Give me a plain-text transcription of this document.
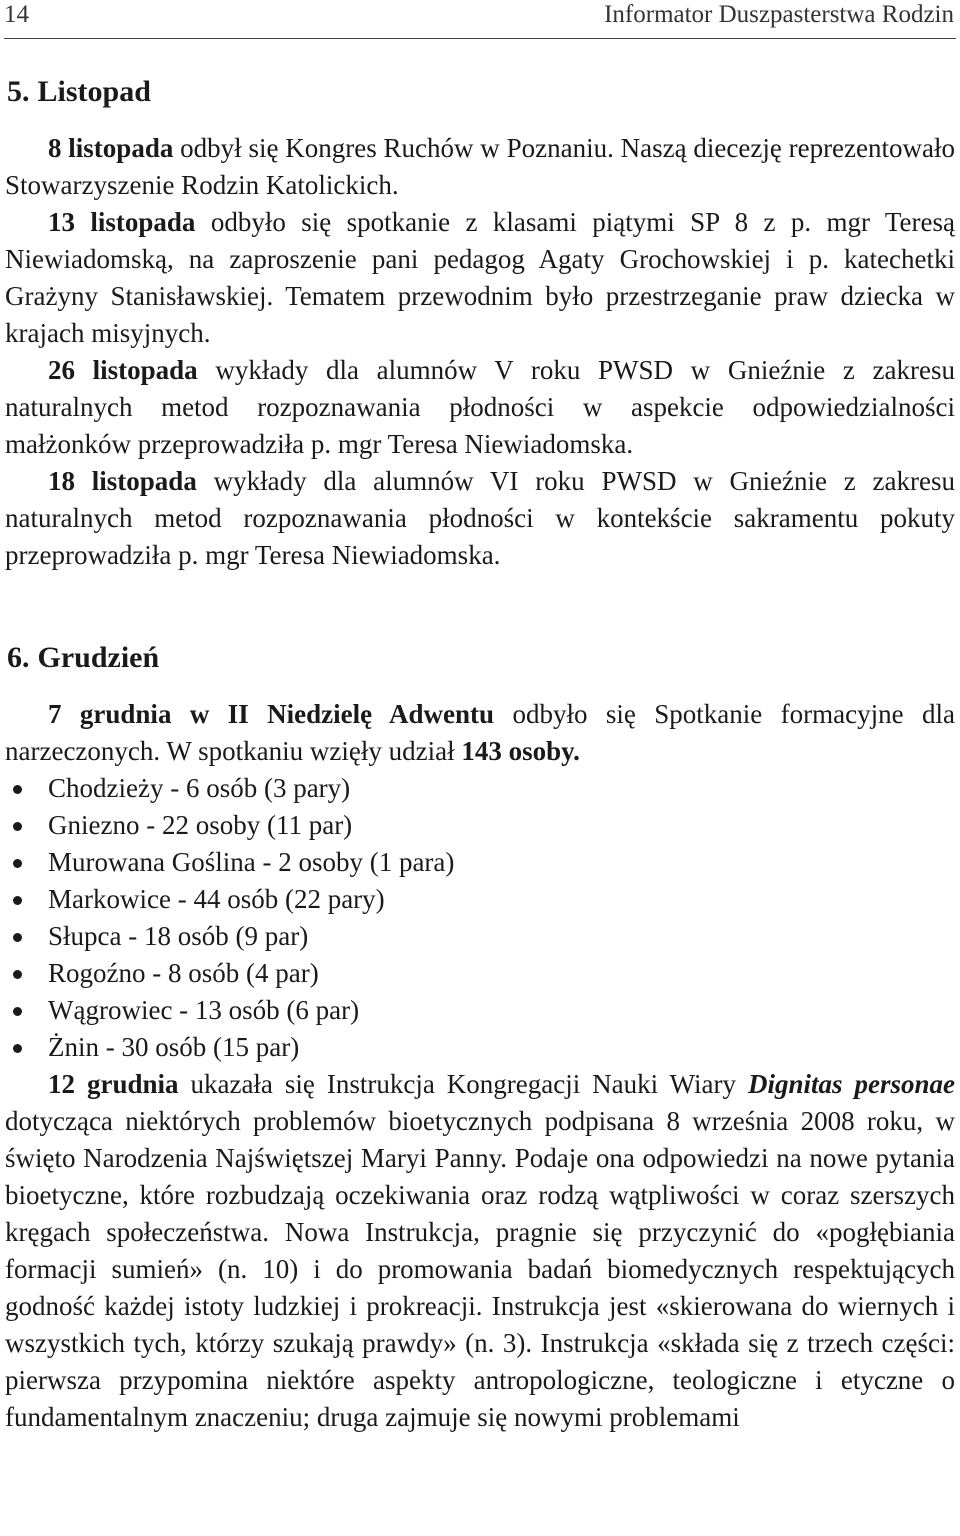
14	Informator Duszpasterstwa Rodzin
5. Listopad

8 listopada odbył się Kongres Ruchów w Poznaniu. Naszą diecezję reprezentowało Stowarzyszenie Rodzin Katolickich.

13 listopada odbyło się spotkanie z klasami piątymi SP 8 z p. mgr Teresą Niewiadomską, na zaproszenie pani pedagog Agaty Grochowskiej i p. katechetki Grażyny Stanisławskiej. Tematem przewodnim było przestrzeganie praw dziecka w krajach misyjnych.

26 listopada wykłady dla alumnów V roku PWSD w Gnieźnie z zakresu naturalnych metod rozpoznawania płodności w aspekcie odpowiedzialności małżonków przeprowadziła p. mgr Teresa Niewiadomska.

18 listopada wykłady dla alumnów VI roku PWSD w Gnieźnie z zakresu naturalnych metod rozpoznawania płodności w kontekście sakramentu pokuty przeprowadziła p. mgr Teresa Niewiadomska.

6. Grudzień

7 grudnia w II Niedzielę Adwentu odbyło się Spotkanie formacyjne dla narzeczonych. W spotkaniu wzięły udział 143 osoby.

Chodzieży - 6 osób (3 pary)
Gniezno - 22 osoby (11 par)
Murowana Goślina - 2 osoby (1 para)
Markowice - 44 osób (22 pary)
Słupca - 18 osób (9 par)
Rogoźno - 8 osób (4 par)
Wągrowiec - 13 osób (6 par)
Żnin - 30 osób (15 par)

12 grudnia ukazała się Instrukcja Kongregacji Nauki Wiary Dignitas personae dotycząca niektórych problemów bioetycznych podpisana 8 września 2008 roku, w święto Narodzenia Najświętszej Maryi Panny. Podaje ona odpowiedzi na nowe pytania bioetyczne, które rozbudzają oczekiwania oraz rodzą wątpliwości w coraz szerszych kręgach społeczeństwa. Nowa Instrukcja, pragnie się przyczynić do «pogłębiania formacji sumień» (n. 10) i do promowania badań biomedycznych respektujących godność każdej istoty ludzkiej i prokreacji. Instrukcja jest «skierowana do wiernych i wszystkich tych, którzy szukają prawdy» (n. 3). Instrukcja «składa się z trzech części: pierwsza przypomina niektóre aspekty antropologiczne, teologiczne i etyczne o fundamentalnym znaczeniu; druga zajmuje się nowymi problemami
